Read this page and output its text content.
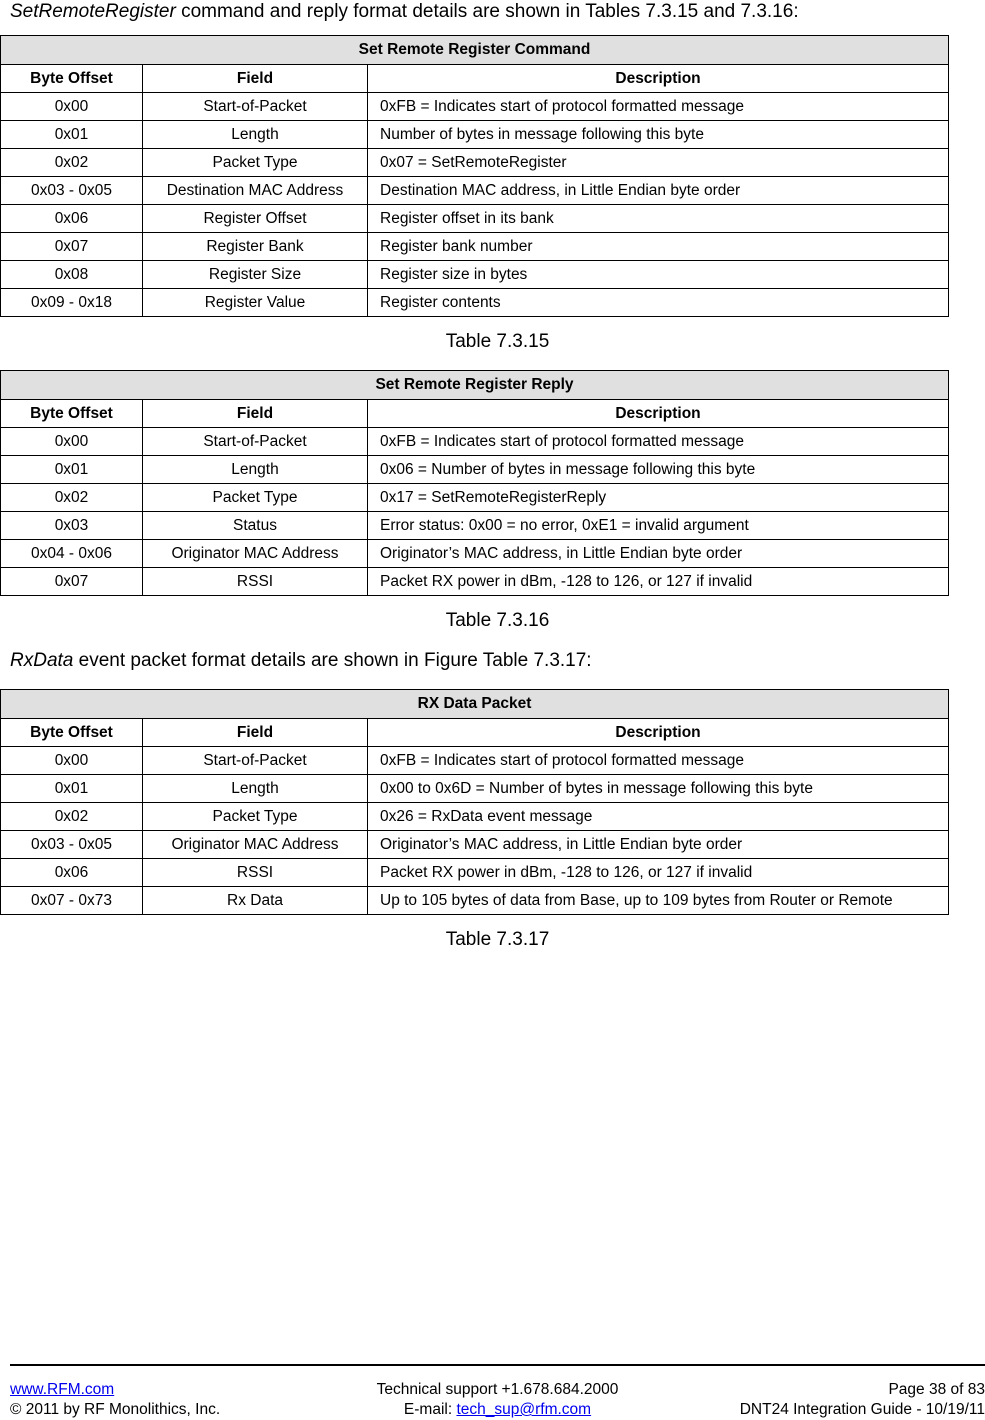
SetRemoteRegister command and reply format details are shown in Tables 7.3.15 and 7.3.16:
Set Remote Register Command		
Byte Offset	Field	Description
0x00	Start-of-Packet	0xFB = Indicates start of protocol formatted message
0x01	Length	Number of bytes in message following this byte
0x02	Packet Type	0x07 = SetRemoteRegister
0x03 - 0x05	Destination MAC Address	Destination MAC address, in Little Endian byte order
0x06	Register Offset	Register offset in its bank
0x07	Register Bank	Register bank number
0x08	Register Size	Register size in bytes
0x09 - 0x18	Register Value	Register contents
Table 7.3.15
Set Remote Register Reply		
Byte Offset	Field	Description
0x00	Start-of-Packet	0xFB = Indicates start of protocol formatted message
0x01	Length	0x06 = Number of bytes in message following this byte
0x02	Packet Type	0x17 = SetRemoteRegisterReply
0x03	Status	Error status: 0x00 = no error, 0xE1 = invalid argument
0x04 - 0x06	Originator MAC Address	Originator’s MAC address, in Little Endian byte order
0x07	RSSI	Packet RX power in dBm, -128 to 126, or 127 if invalid
Table 7.3.16
RxData event packet format details are shown in Figure Table 7.3.17:
RX Data Packet		
Byte Offset	Field	Description
0x00	Start-of-Packet	0xFB = Indicates start of protocol formatted message
0x01	Length	0x00 to 0x6D = Number of bytes in message following this byte
0x02	Packet Type	0x26 = RxData event message
0x03 - 0x05	Originator MAC Address	Originator’s MAC address, in Little Endian byte order
0x06	RSSI	Packet RX power in dBm, -128 to 126, or 127 if invalid
0x07 - 0x73	Rx Data	Up to 105 bytes of data from Base, up to 109 bytes from Router or Remote
Table 7.3.17
www.RFM.com
© 2011 by RF Monolithics, Inc.
Technical support +1.678.684.2000
E-mail: tech_sup@rfm.com
Page 38 of 83
DNT24 Integration Guide - 10/19/11
